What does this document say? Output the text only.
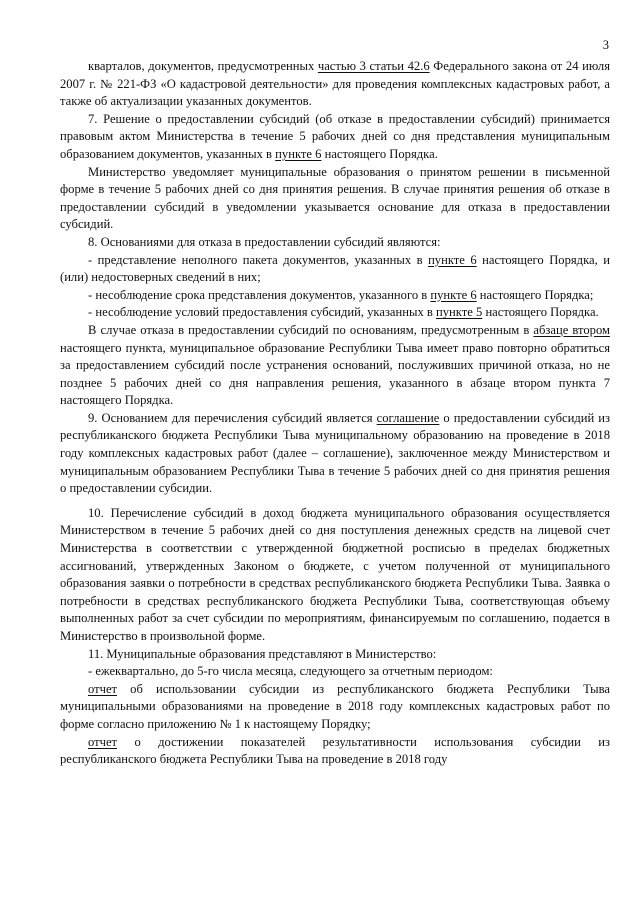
3

кварталов, документов, предусмотренных частью 3 статьи 42.6 Федерального закона от 24 июля 2007 г. № 221-ФЗ «О кадастровой деятельности» для проведения комплексных кадастровых работ, а также об актуализации указанных документов.

7. Решение о предоставлении субсидий (об отказе в предоставлении субсидий) принимается правовым актом Министерства в течение 5 рабочих дней со дня представления муниципальным образованием документов, указанных в пункте 6 настоящего Порядка.

Министерство уведомляет муниципальные образования о принятом решении в письменной форме в течение 5 рабочих дней со дня принятия решения. В случае принятия решения об отказе в предоставлении субсидий в уведомлении указывается основание для отказа в предоставлении субсидий.

8. Основаниями для отказа в предоставлении субсидий являются:

- представление неполного пакета документов, указанных в пункте 6 настоящего Порядка, и (или) недостоверных сведений в них;

- несоблюдение срока представления документов, указанного в пункте 6 настоящего Порядка;

- несоблюдение условий предоставления субсидий, указанных в пункте 5 настоящего Порядка.

В случае отказа в предоставлении субсидий по основаниям, предусмотренным в абзаце втором настоящего пункта, муниципальное образование Республики Тыва имеет право повторно обратиться за предоставлением субсидий после устранения оснований, послуживших причиной отказа, но не позднее 5 рабочих дней со дня направления решения, указанного в абзаце втором пункта 7 настоящего Порядка.

9. Основанием для перечисления субсидий является соглашение о предоставлении субсидий из республиканского бюджета Республики Тыва муниципальному образованию на проведение в 2018 году комплексных кадастровых работ (далее – соглашение), заключенное между Министерством и муниципальным образованием Республики Тыва в течение 5 рабочих дней со дня принятия решения о предоставлении субсидии.

10. Перечисление субсидий в доход бюджета муниципального образования осуществляется Министерством в течение 5 рабочих дней со дня поступления денежных средств на лицевой счет Министерства в соответствии с утвержденной бюджетной росписью в пределах бюджетных ассигнований, утвержденных Законом о бюджете, с учетом полученной от муниципального образования заявки о потребности в средствах республиканского бюджета Республики Тыва. Заявка о потребности в средствах республиканского бюджета Республики Тыва, соответствующая объему выполненных работ за счет субсидии по мероприятиям, финансируемым по соглашению, подается в Министерство в произвольной форме.

11. Муниципальные образования представляют в Министерство:

- ежеквартально, до 5-го числа месяца, следующего за отчетным периодом:

отчет об использовании субсидии из республиканского бюджета Республики Тыва муниципальными образованиями на проведение в 2018 году комплексных кадастровых работ по форме согласно приложению № 1 к настоящему Порядку;

отчет о достижении показателей результативности использования субсидии из республиканского бюджета Республики Тыва на проведение в 2018 году
